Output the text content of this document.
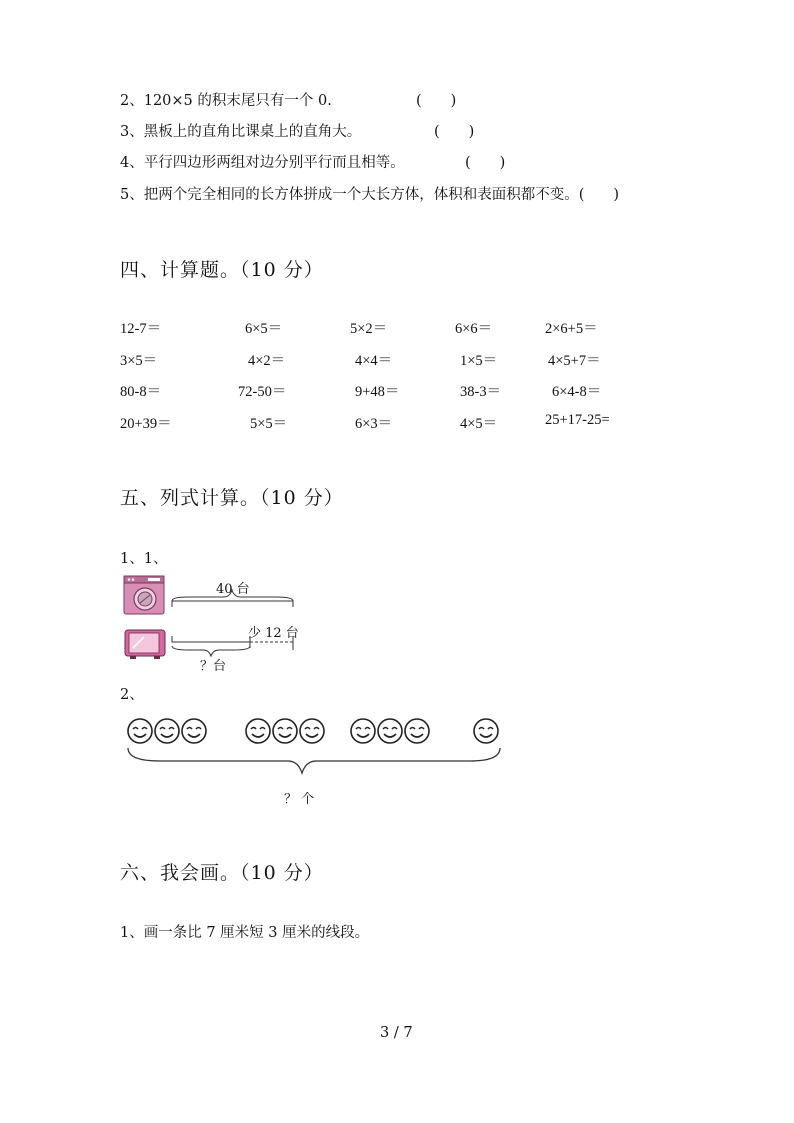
2、120×5 的积末尾只有一个 0.	(　　)
3、黑板上的直角比课桌上的直角大。	(　　)
4、平行四边形两组对边分别平行而且相等。	(　　)
5、把两个完全相同的长方体拼成一个大长方体，体积和表面积都不变。(　　)
四、计算题。（10 分）
12-7＝	6×5＝	5×2＝	6×6＝	2×6+5＝
3×5＝	4×2＝	4×4＝	1×5＝	4×5+7＝
80-8＝	72-50＝	9+48＝	38-3＝	6×4-8＝
20+39＝	5×5＝	6×3＝	4×5＝	25+17-25=
五、列式计算。（10 分）
1、1、
40 台
少 12 台
？台
2、
？ 个
六、我会画。（10 分）
1、画一条比 7 厘米短 3 厘米的线段。
3 / 7
